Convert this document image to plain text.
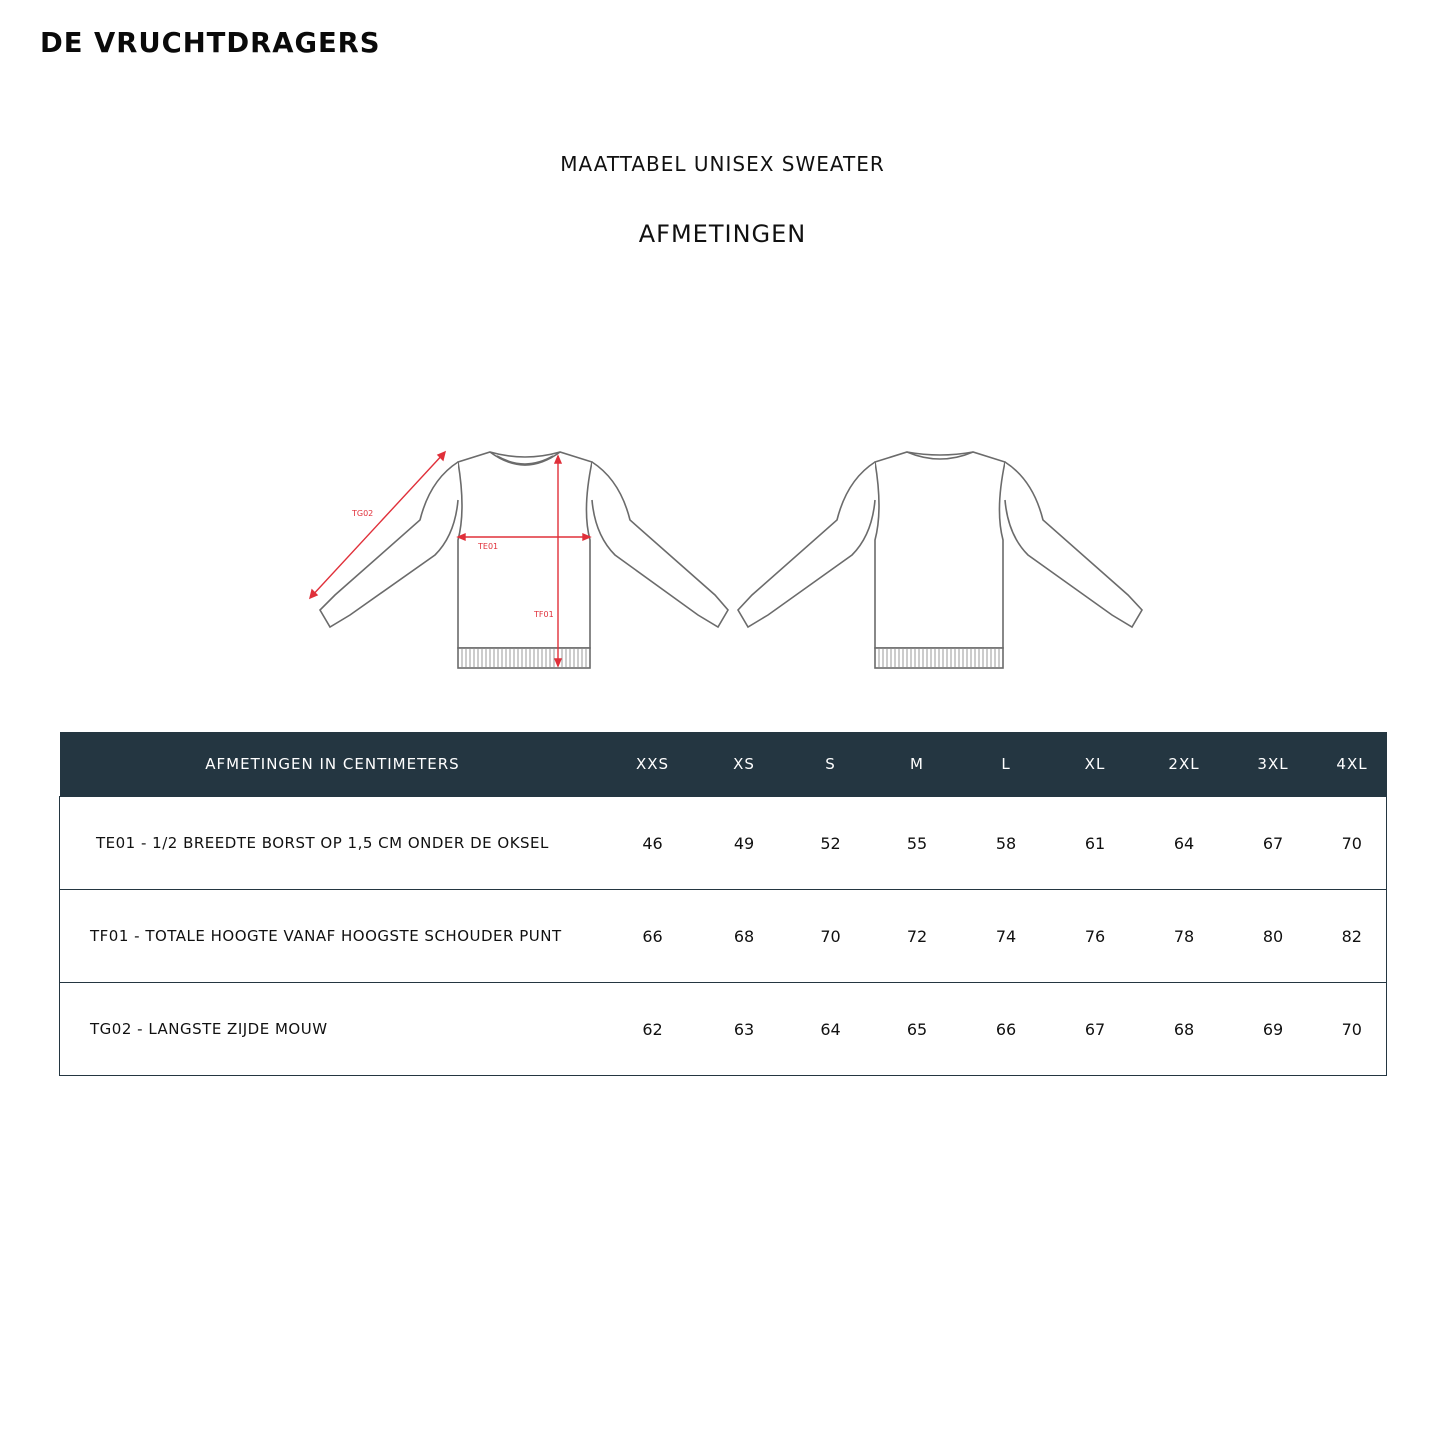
DE VRUCHTDRAGERS
MAATTABEL UNISEX SWEATER
AFMETINGEN
TG02
TE01
TF01
AFMETINGEN IN CENTIMETERS	XXS	XS	S	M	L	XL	2XL	3XL	4XL
TE01 - 1/2 BREEDTE BORST OP 1,5 CM ONDER DE OKSEL	46	49	52	55	58	61	64	67	70
TF01 - TOTALE HOOGTE VANAF HOOGSTE SCHOUDER PUNT	66	68	70	72	74	76	78	80	82
TG02 - LANGSTE ZIJDE MOUW	62	63	64	65	66	67	68	69	70
